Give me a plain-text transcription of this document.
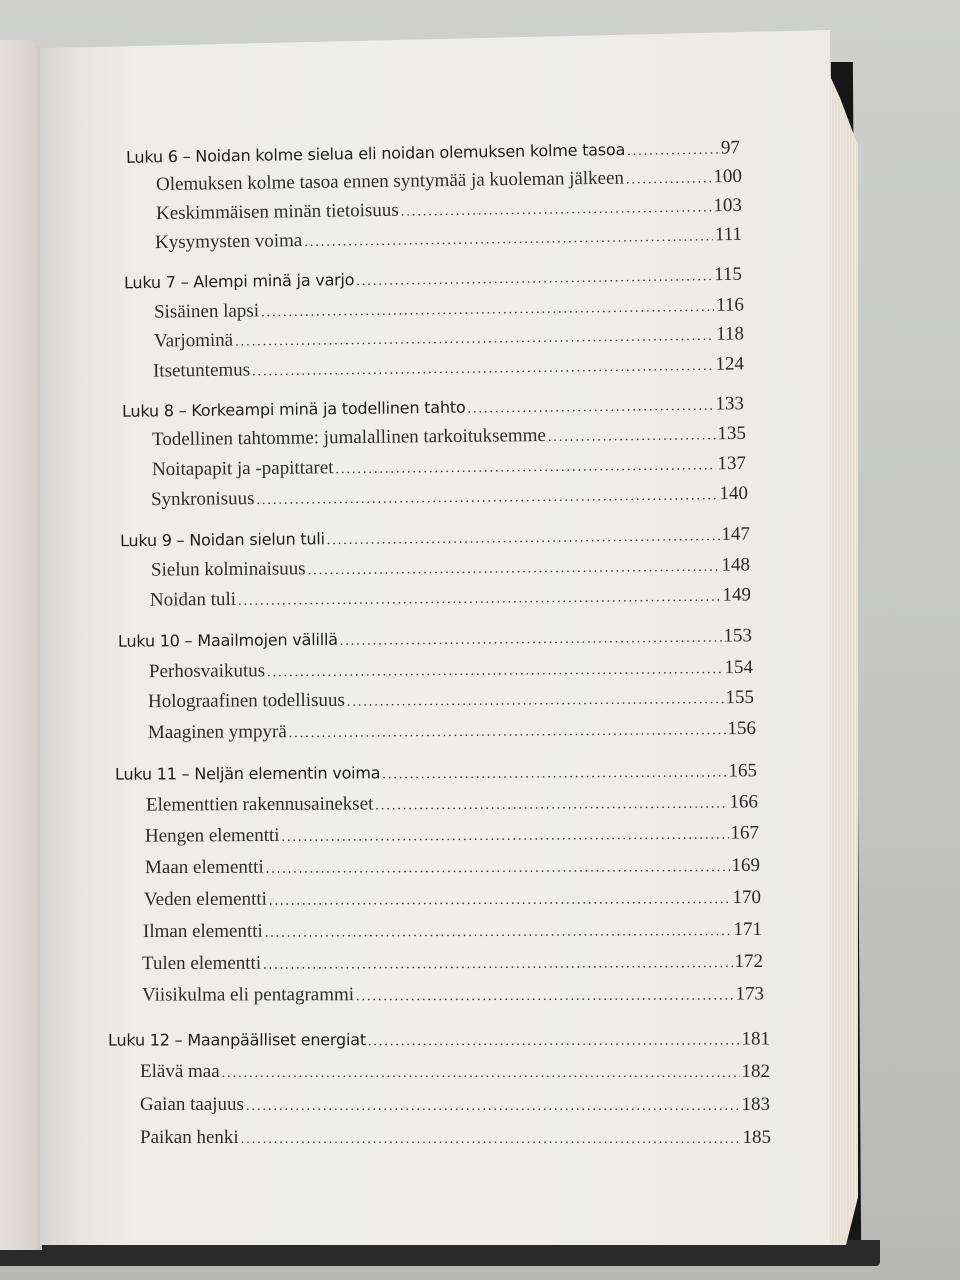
Luku 6 – Noidan kolme sielua eli noidan olemuksen kolme tasoa .....	97
Olemuksen kolme tasoa ennen syntymää ja kuoleman jälkeen .....	100
Keskimmäisen minän tietoisuus .....	103
Kysymysten voima .....	111
Luku 7 – Alempi minä ja varjo .....	115
Sisäinen lapsi .....	116
Varjominä .....	118
Itsetuntemus .....	124
Luku 8 – Korkeampi minä ja todellinen tahto .....	133
Todellinen tahtomme: jumalallinen tarkoituksemme .....	135
Noitapapit ja -papittaret .....	137
Synkronisuus .....	140
Luku 9 – Noidan sielun tuli .....	147
Sielun kolminaisuus .....	148
Noidan tuli .....	149
Luku 10 – Maailmojen välillä .....	153
Perhosvaikutus .....	154
Holograafinen todellisuus .....	155
Maaginen ympyrä .....	156
Luku 11 – Neljän elementin voima .....	165
Elementtien rakennusainekset .....	166
Hengen elementti .....	167
Maan elementti .....	169
Veden elementti .....	170
Ilman elementti .....	171
Tulen elementti .....	172
Viisikulma eli pentagrammi .....	173
Luku 12 – Maanpäälliset energiat .....	181
Elävä maa .....	182
Gaian taajuus .....	183
Paikan henki .....	185
